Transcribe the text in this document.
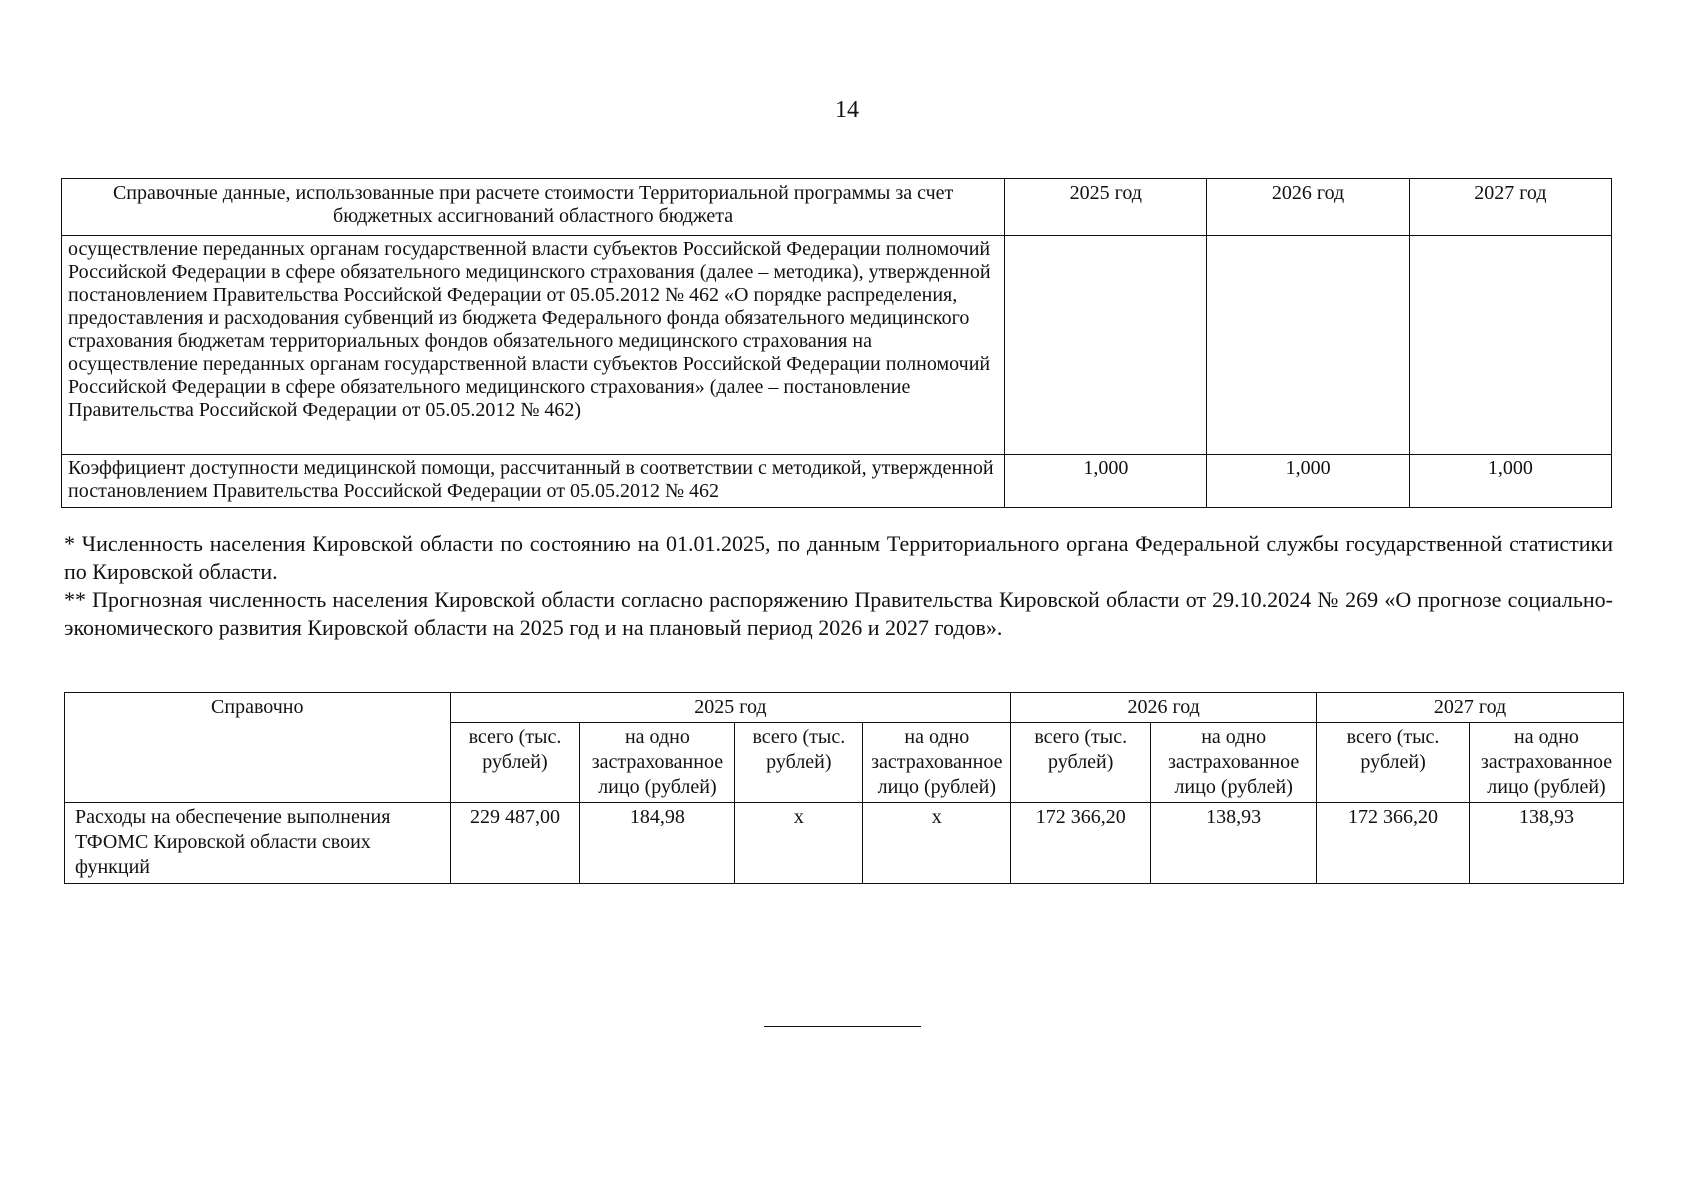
14
Справочные данные, использованные при расчете стоимости Территориальной программы за счет бюджетных ассигнований областного бюджета	2025 год	2026 год	2027 год
осуществление переданных органам государственной власти субъектов Российской Федерации полномочий Российской Федерации в сфере обязательного медицинского страхования (далее – методика), утвержденной постановлением Правительства Российской Федерации от 05.05.2012 № 462 «О порядке распределения, предоставления и расходования субвенций из бюджета Федерального фонда обязательного медицинского страхования бюджетам территориальных фондов обязательного медицинского страхования на осуществление переданных органам государственной власти субъектов Российской Федерации полномочий Российской Федерации в сфере обязательного медицинского страхования» (далее – постановление Правительства Российской Федерации от 05.05.2012 № 462)			
Коэффициент доступности медицинской помощи, рассчитанный в соответствии с методикой, утвержденной постановлением Правительства Российской Федерации от 05.05.2012 № 462	1,000	1,000	1,000

* Численность населения Кировской области по состоянию на 01.01.2025, по данным Территориального органа Федеральной службы государственной статистики по Кировской области.

** Прогнозная численность населения Кировской области согласно распоряжению Правительства Кировской области от 29.10.2024 № 269 «О прогнозе социально-экономического развития Кировской области на 2025 год и на плановый период 2026 и 2027 годов».

Справочно	2025 год				2026 год		2027 год	
	всего (тыс. рублей)	на одно застрахованное лицо (рублей)	всего (тыс. рублей)	на одно застрахованное лицо (рублей)	всего (тыс. рублей)	на одно застрахованное лицо (рублей)	всего (тыс. рублей)	на одно застрахованное лицо (рублей)
Расходы на обеспечение выполнения ТФОМС Кировской области своих функций	229 487,00	184,98	х	х	172 366,20	138,93	172 366,20	138,93
